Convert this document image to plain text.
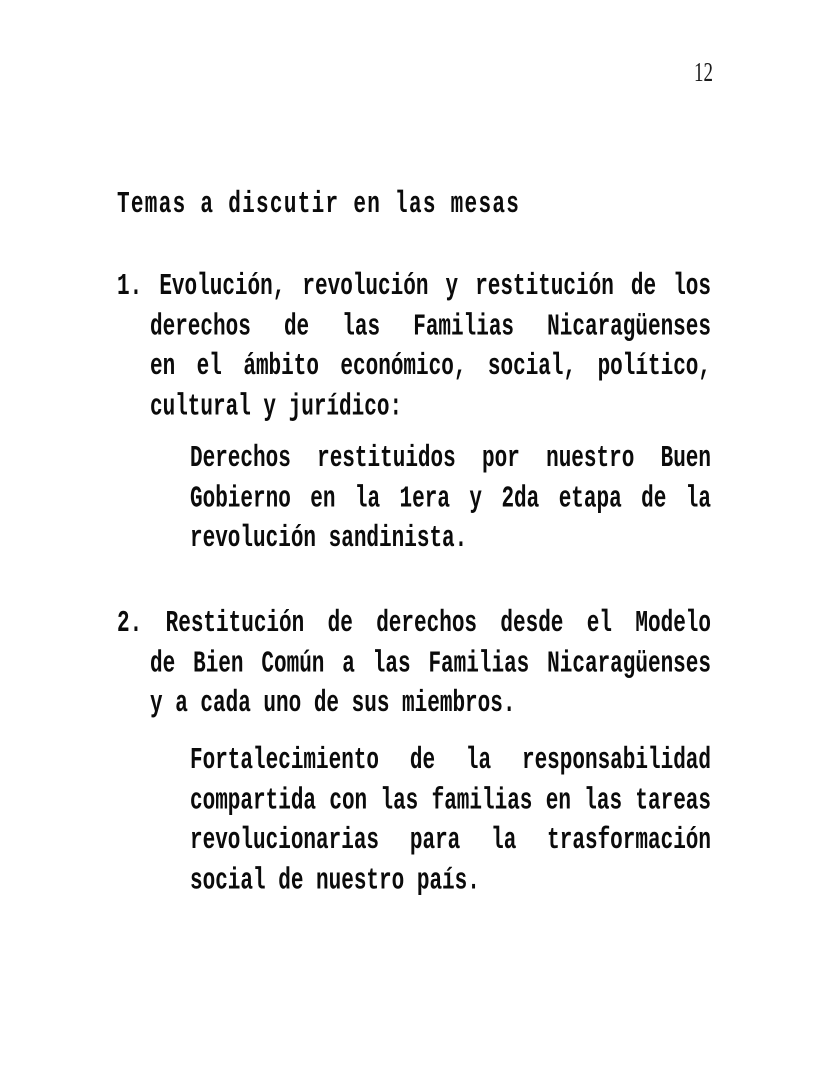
12
Temas a discutir en las mesas
1. Evolución, revolución y restitución de los
derechos de las Familias Nicaragüenses
en el ámbito económico, social, político,
cultural y jurídico:
Derechos restituidos por nuestro Buen
Gobierno en la 1era y 2da etapa de la
revolución sandinista.
2. Restitución de derechos desde el Modelo
de Bien Común a las Familias Nicaragüenses
y a cada uno de sus miembros.
Fortalecimiento de la responsabilidad
compartida con las familias en las tareas
revolucionarias para la trasformación
social de nuestro país.
